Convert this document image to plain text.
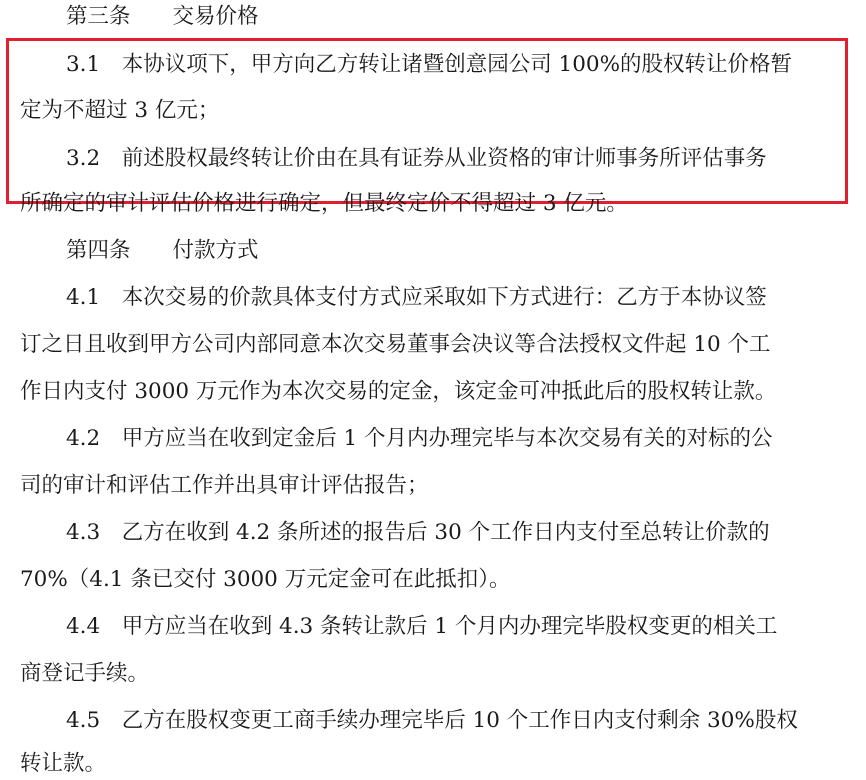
第三条 交易价格
3.1　本协议项下，甲方向乙方转让诸暨创意园公司 100%的股权转让价格暂
定为不超过 3 亿元；
3.2　前述股权最终转让价由在具有证券从业资格的审计师事务所评估事务
所确定的审计评估价格进行确定，但最终定价不得超过 3 亿元。
第四条 付款方式
4.1　本次交易的价款具体支付方式应采取如下方式进行：乙方于本协议签
订之日且收到甲方公司内部同意本次交易董事会决议等合法授权文件起 10 个工
作日内支付 3000 万元作为本次交易的定金，该定金可冲抵此后的股权转让款。
4.2　甲方应当在收到定金后 1 个月内办理完毕与本次交易有关的对标的公
司的审计和评估工作并出具审计评估报告；
4.3　乙方在收到 4.2 条所述的报告后 30 个工作日内支付至总转让价款的
70%（4.1 条已交付 3000 万元定金可在此抵扣）。
4.4　甲方应当在收到 4.3 条转让款后 1 个月内办理完毕股权变更的相关工
商登记手续。
4.5　乙方在股权变更工商手续办理完毕后 10 个工作日内支付剩余 30%股权
转让款。
